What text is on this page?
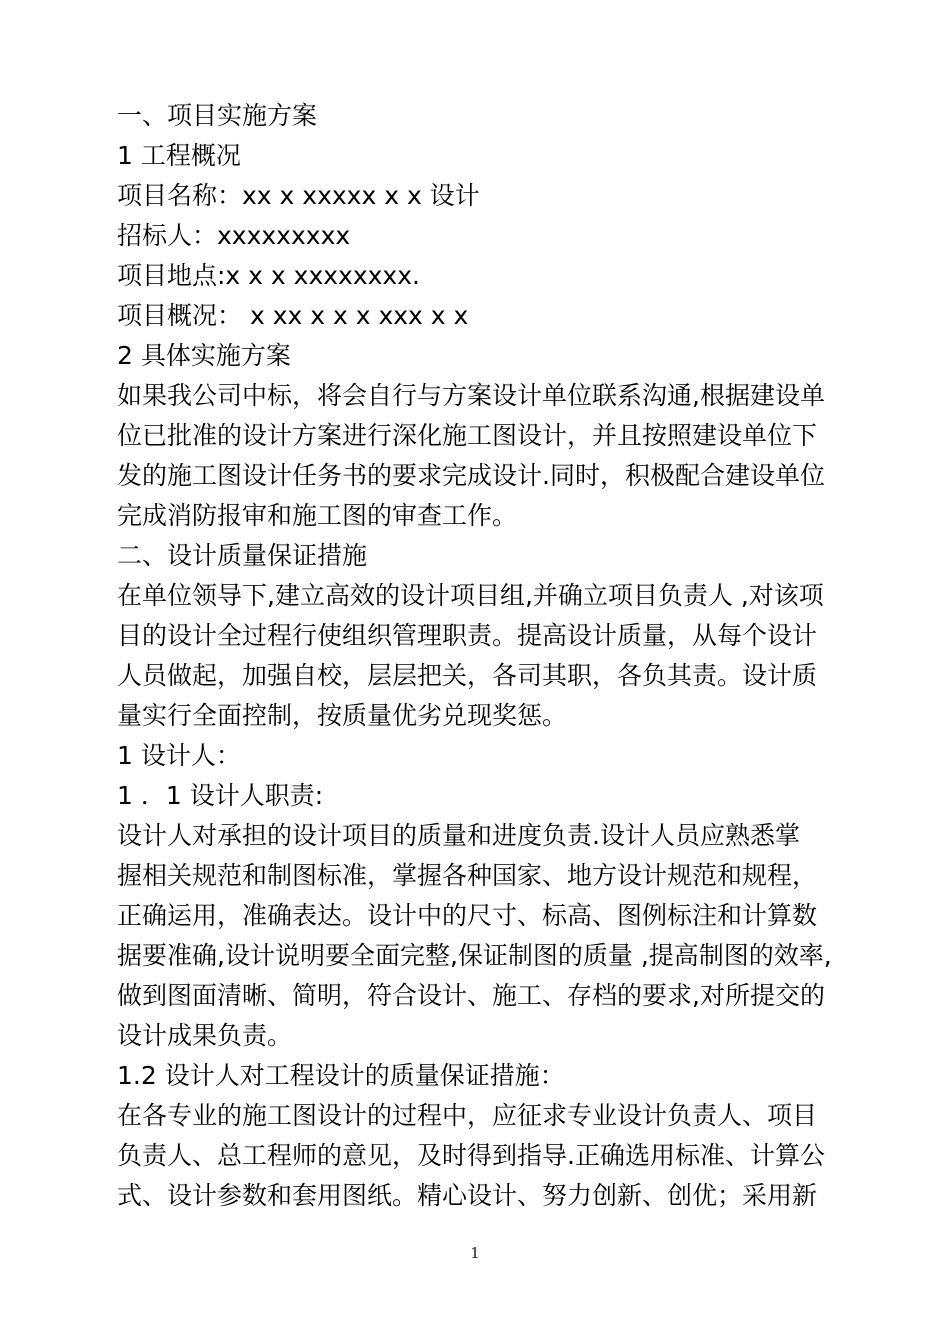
一、项目实施方案
1 工程概况
项目名称：xx x xxxxx x x 设计
招标人：xxxxxxxxx
项目地点:x x x xxxxxxxx.
项目概况： x xx x x x xxx x x
2 具体实施方案
如果我公司中标，将会自行与方案设计单位联系沟通,根据建设单
位已批准的设计方案进行深化施工图设计，并且按照建设单位下
发的施工图设计任务书的要求完成设计.同时，积极配合建设单位
完成消防报审和施工图的审查工作。
二、设计质量保证措施
在单位领导下,建立高效的设计项目组,并确立项目负责人 ,对该项
目的设计全过程行使组织管理职责。提高设计质量，从每个设计
人员做起，加强自校，层层把关，各司其职，各负其责。设计质
量实行全面控制，按质量优劣兑现奖惩。
1 设计人：
1 ．1 设计人职责:
设计人对承担的设计项目的质量和进度负责.设计人员应熟悉掌
握相关规范和制图标准，掌握各种国家、地方设计规范和规程，
正确运用，准确表达。设计中的尺寸、标高、图例标注和计算数
据要准确,设计说明要全面完整,保证制图的质量 ,提高制图的效率,
做到图面清晰、简明，符合设计、施工、存档的要求,对所提交的
设计成果负责。
1.2 设计人对工程设计的质量保证措施：
在各专业的施工图设计的过程中，应征求专业设计负责人、项目
负责人、总工程师的意见，及时得到指导.正确选用标准、计算公
式、设计参数和套用图纸。精心设计、努力创新、创优；采用新
1
